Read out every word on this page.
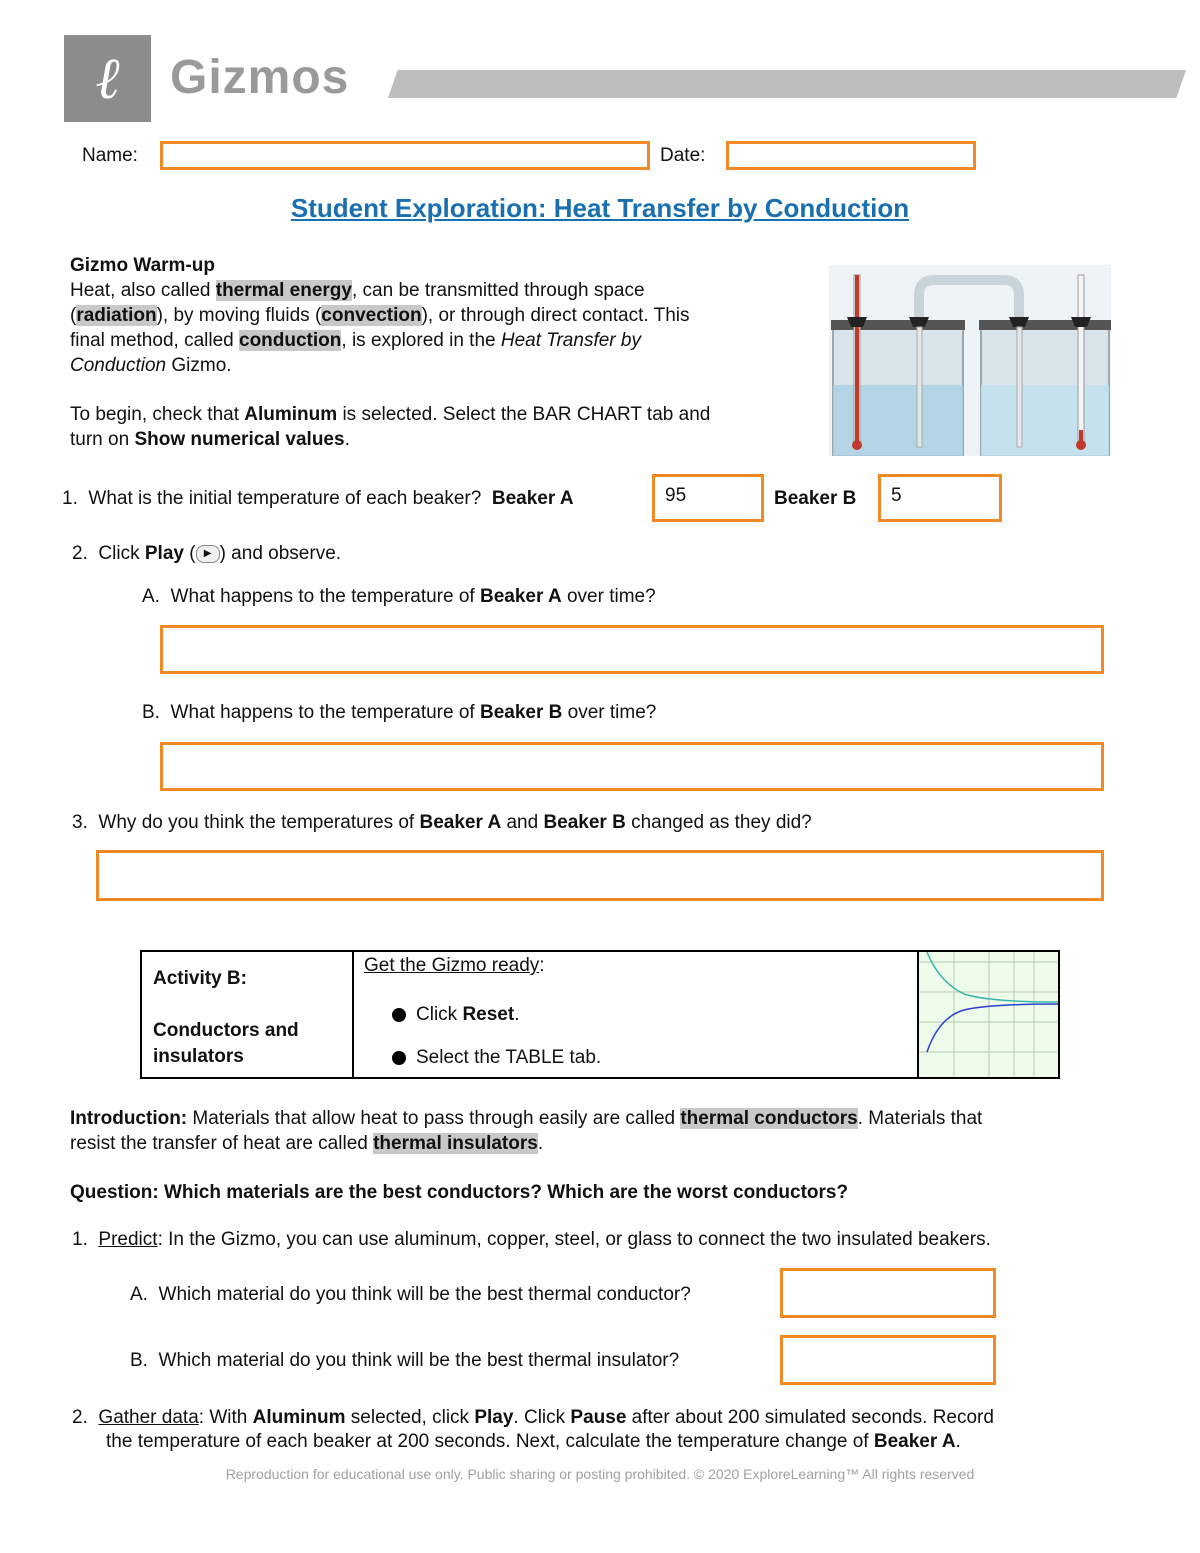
ℓ	Gizmos
Name:	Date:
Student Exploration: Heat Transfer by Conduction
Gizmo Warm-up
Heat, also called thermal energy, can be transmitted through space
(radiation), by moving fluids (convection), or through direct contact. This
final method, called conduction, is explored in the Heat Transfer by
Conduction Gizmo.
To begin, check that Aluminum is selected. Select the BAR CHART tab and
turn on Show numerical values.
1. What is the initial temperature of each beaker? Beaker A	95	Beaker B	5
2. Click Play ( ▶ ) and observe.
A. What happens to the temperature of Beaker A over time?
B. What happens to the temperature of Beaker B over time?
3. Why do you think the temperatures of Beaker A and Beaker B changed as they did?
Activity B:
Conductors and
insulators
Get the Gizmo ready:
Click Reset.
Select the TABLE tab.
Introduction: Materials that allow heat to pass through easily are called thermal conductors. Materials that
resist the transfer of heat are called thermal insulators.
Question: Which materials are the best conductors? Which are the worst conductors?
1. Predict: In the Gizmo, you can use aluminum, copper, steel, or glass to connect the two insulated beakers.
A. Which material do you think will be the best thermal conductor?
B. Which material do you think will be the best thermal insulator?
2. Gather data: With Aluminum selected, click Play. Click Pause after about 200 simulated seconds. Record
the temperature of each beaker at 200 seconds. Next, calculate the temperature change of Beaker A.
Reproduction for educational use only. Public sharing or posting prohibited. © 2020 ExploreLearning™ All rights reserved
